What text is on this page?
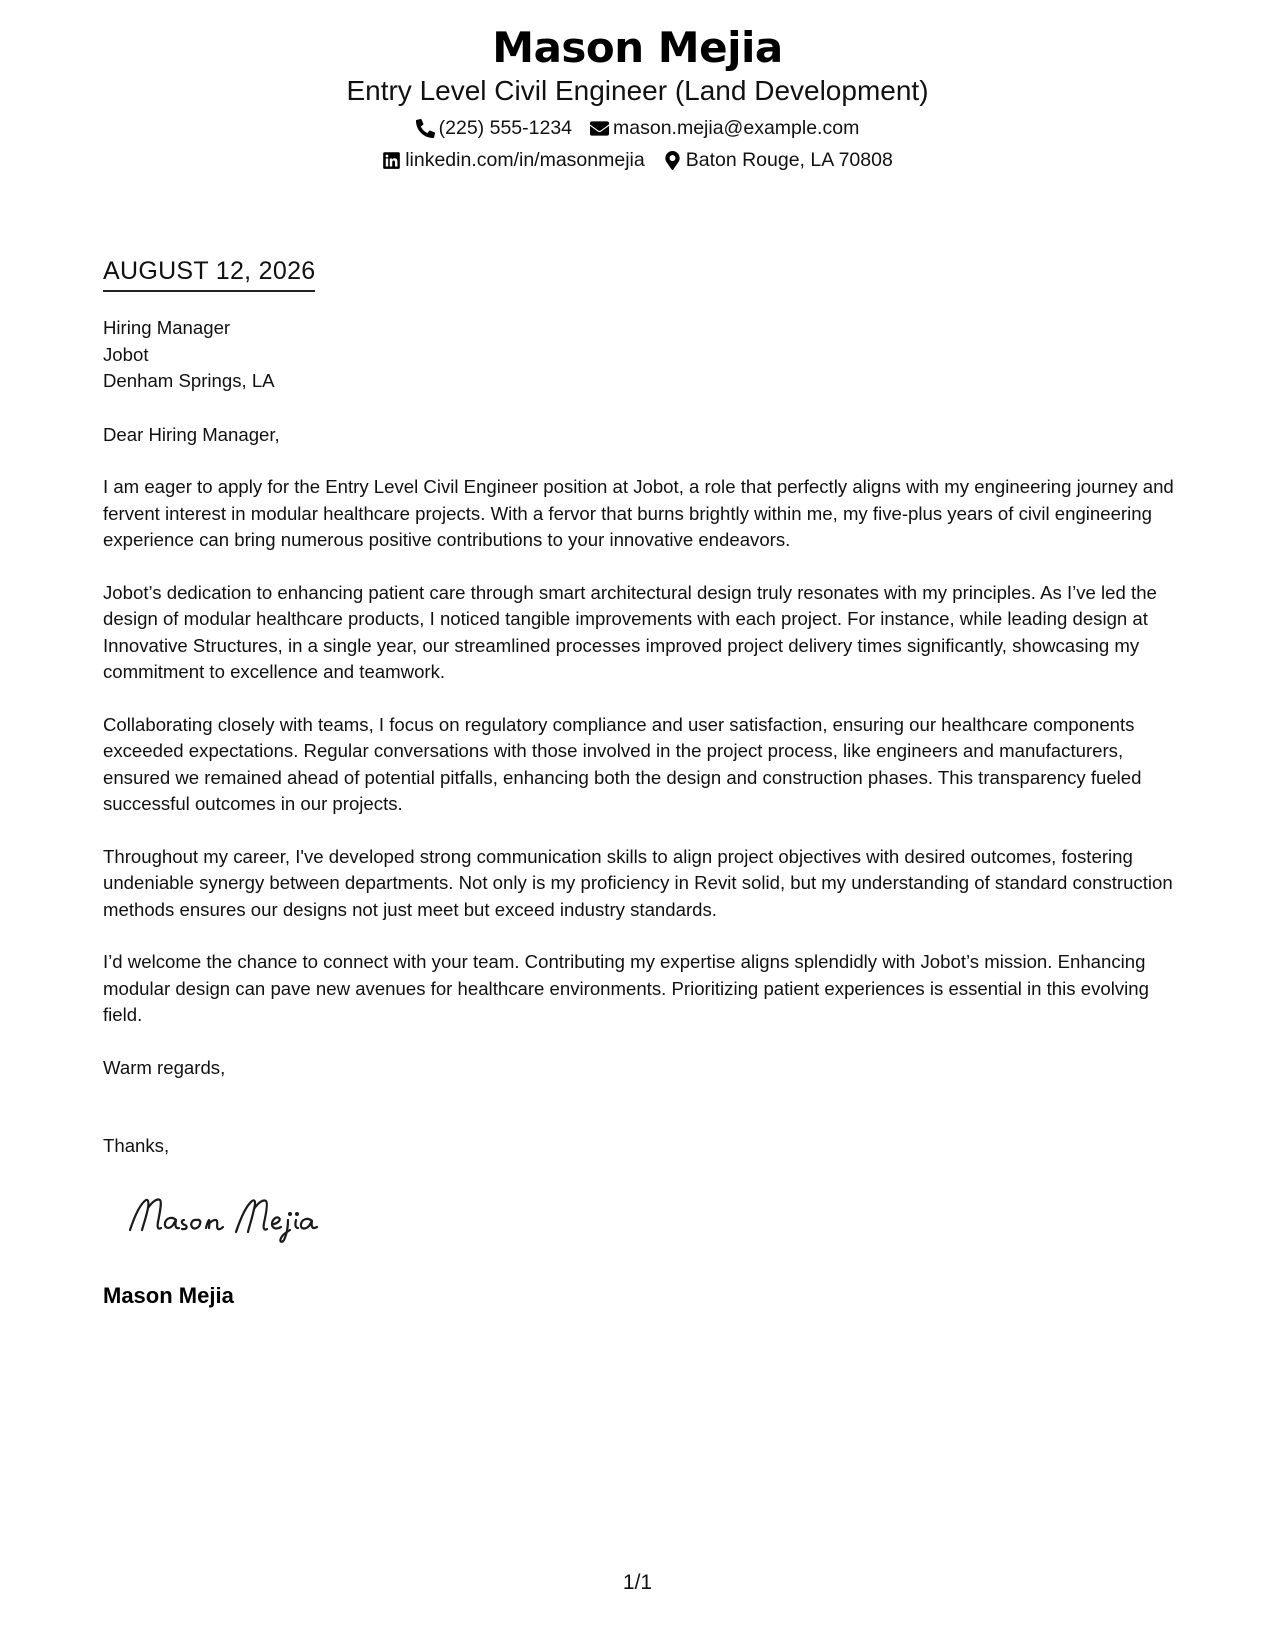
Mason Mejia
Entry Level Civil Engineer (Land Development)
(225) 555-1234 mason.mejia@example.com
linkedin.com/in/masonmejia Baton Rouge, LA 70808
AUGUST 12, 2026
Hiring Manager
Jobot
Denham Springs, LA
Dear Hiring Manager,

I am eager to apply for the Entry Level Civil Engineer position at Jobot, a role that perfectly aligns with my engineering journey and fervent interest in modular healthcare projects. With a fervor that burns brightly within me, my five-plus years of civil engineering experience can bring numerous positive contributions to your innovative endeavors.

Jobot’s dedication to enhancing patient care through smart architectural design truly resonates with my principles. As I’ve led the design of modular healthcare products, I noticed tangible improvements with each project. For instance, while leading design at Innovative Structures, in a single year, our streamlined processes improved project delivery times significantly, showcasing my commitment to excellence and teamwork.

Collaborating closely with teams, I focus on regulatory compliance and user satisfaction, ensuring our healthcare components exceeded expectations. Regular conversations with those involved in the project process, like engineers and manufacturers, ensured we remained ahead of potential pitfalls, enhancing both the design and construction phases. This transparency fueled successful outcomes in our projects.

Throughout my career, I've developed strong communication skills to align project objectives with desired outcomes, fostering undeniable synergy between departments. Not only is my proficiency in Revit solid, but my understanding of standard construction methods ensures our designs not just meet but exceed industry standards.

I’d welcome the chance to connect with your team. Contributing my expertise aligns splendidly with Jobot’s mission. Enhancing modular design can pave new avenues for healthcare environments. Prioritizing patient experiences is essential in this evolving field.

Warm regards,
Thanks,
Mason Mejia
1/1
